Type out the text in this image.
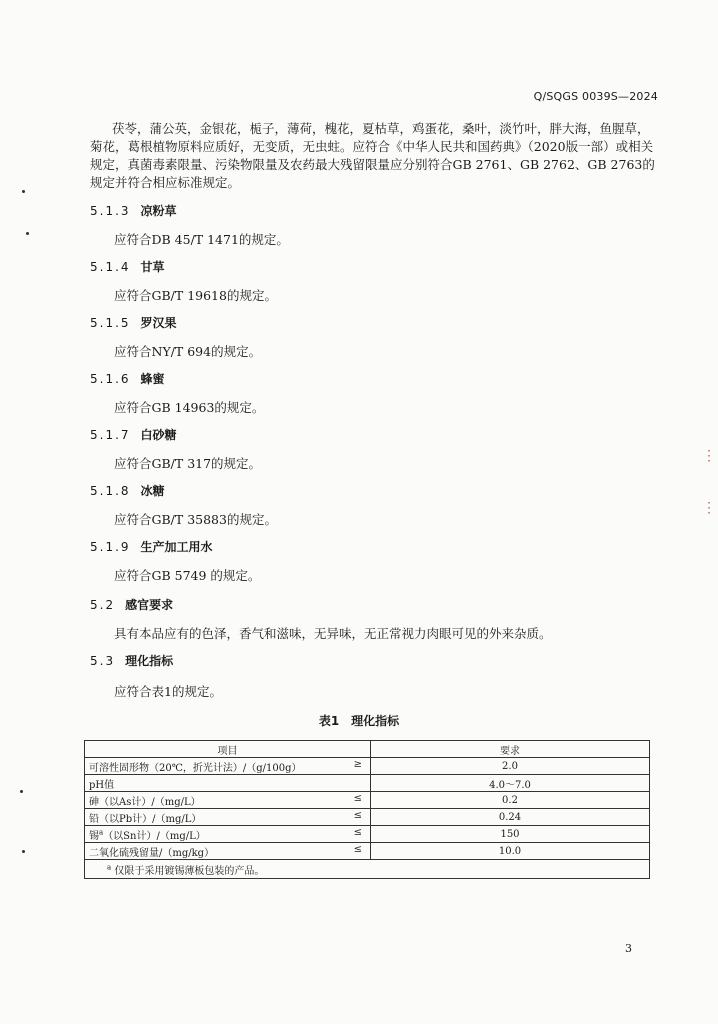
Q/SQGS 0039S—2024

茯苓，蒲公英，金银花，栀子，薄荷，槐花，夏枯草，鸡蛋花，桑叶，淡竹叶，胖大海，鱼腥草，菊花，葛根植物原料应质好，无变质，无虫蛀。应符合《中华人民共和国药典》（2020版一部）或相关规定，真菌毒素限量、污染物限量及农药最大残留限量应分别符合GB 2761、GB 2762、GB 2763的规定并符合相应标准规定。

5.1.3 凉粉草
应符合DB 45/T 1471的规定。
5.1.4 甘草
应符合GB/T 19618的规定。
5.1.5 罗汉果
应符合NY/T 694的规定。
5.1.6 蜂蜜
应符合GB 14963的规定。
5.1.7 白砂糖
应符合GB/T 317的规定。
5.1.8 冰糖
应符合GB/T 35883的规定。
5.1.9 生产加工用水
应符合GB 5749 的规定。
5.2 感官要求
具有本品应有的色泽，香气和滋味，无异味，无正常视力肉眼可见的外来杂质。
5.3 理化指标
应符合表1的规定。
表1　理化指标
项目	要求
可溶性固形物（20℃，折光计法）/（g/100g） ≥	2.0
pH值	4.0～7.0
砷（以As计）/（mg/L） ≤	0.2
铅（以Pb计）/（mg/L） ≤	0.24
锡$^a$（以Sn计）/（mg/L） ≤	150
二氧化硫残留量/（mg/kg） ≤	10.0
$^a$ 仅限于采用镀锡薄板包装的产品。	
3
⋮
⋮
